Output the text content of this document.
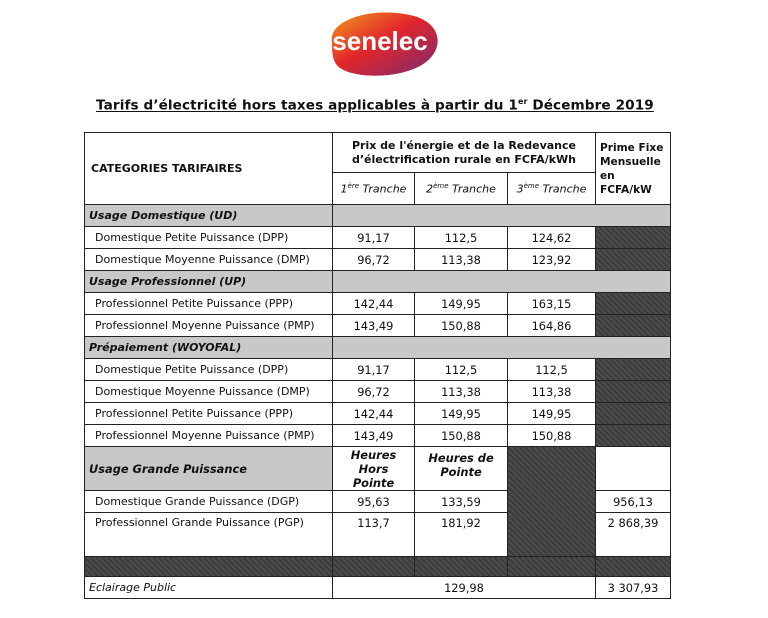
senelec
Tarifs d’électricité hors taxes applicables à partir du 1er Décembre 2019
CATEGORIES TARIFAIRES	Prix de l'énergie et de la Redevance d’électrification rurale en FCFA/kWh			Prime Fixe Mensuelle en FCFA/kW
	1ère Tranche	2ème Tranche	3ème Tranche	
Usage Domestique (UD)				
Domestique Petite Puissance (DPP)	91,17	112,5	124,62	
Domestique Moyenne Puissance (DMP)	96,72	113,38	123,92	
Usage Professionnel (UP)				
Professionnel Petite Puissance (PPP)	142,44	149,95	163,15	
Professionnel Moyenne Puissance (PMP)	143,49	150,88	164,86	
Prépaiement (WOYOFAL)				
Domestique Petite Puissance (DPP)	91,17	112,5	112,5	
Domestique Moyenne Puissance (DMP)	96,72	113,38	113,38	
Professionnel Petite Puissance (PPP)	142,44	149,95	149,95	
Professionnel Moyenne Puissance (PMP)	143,49	150,88	150,88	
Usage Grande Puissance	Heures Hors Pointe	Heures de Pointe		
Domestique Grande Puissance (DGP)	95,63	133,59		956,13
Professionnel Grande Puissance (PGP)	113,7	181,92		2 868,39

Eclairage Public	129,98			3 307,93
